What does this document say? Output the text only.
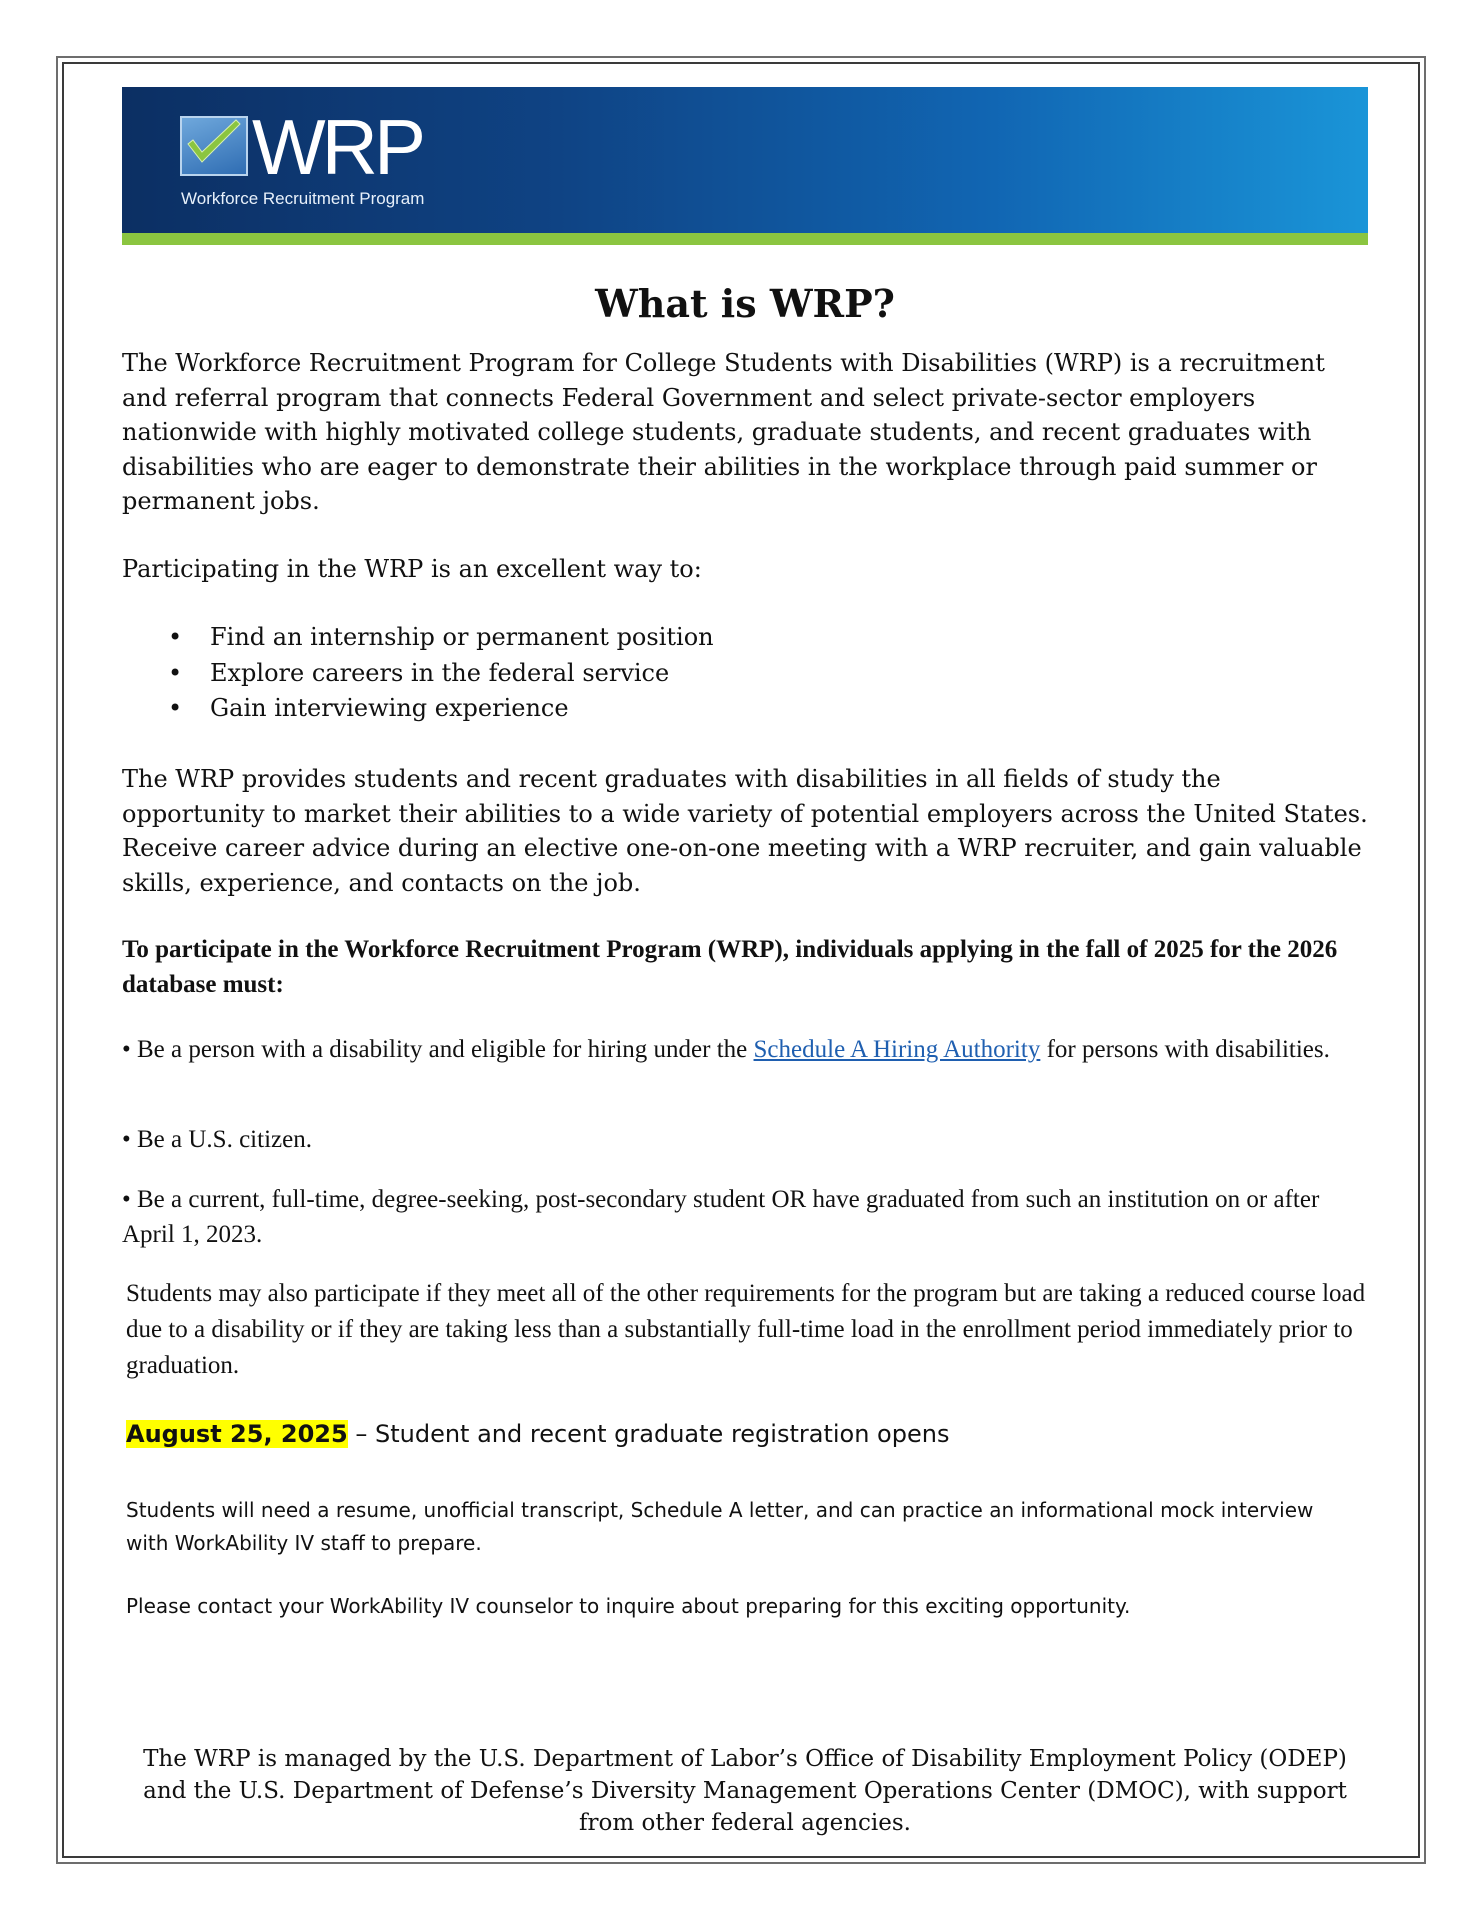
WRP
Workforce Recruitment Program
What is WRP?

The Workforce Recruitment Program for College Students with Disabilities (WRP) is a recruitment and referral program that connects Federal Government and select private-sector employers nationwide with highly motivated college students, graduate students, and recent graduates with disabilities who are eager to demonstrate their abilities in the workplace through paid summer or permanent jobs.

Participating in the WRP is an excellent way to:

• Find an internship or permanent position
• Explore careers in the federal service
• Gain interviewing experience

The WRP provides students and recent graduates with disabilities in all fields of study the opportunity to market their abilities to a wide variety of potential employers across the United States. Receive career advice during an elective one-on-one meeting with a WRP recruiter, and gain valuable skills, experience, and contacts on the job.

To participate in the Workforce Recruitment Program (WRP), individuals applying in the fall of 2025 for the 2026 database must:

• Be a person with a disability and eligible for hiring under the Schedule A Hiring Authority for persons with disabilities.

• Be a U.S. citizen.

• Be a current, full-time, degree-seeking, post-secondary student OR have graduated from such an institution on or after April 1, 2023.

Students may also participate if they meet all of the other requirements for the program but are taking a reduced course load due to a disability or if they are taking less than a substantially full-time load in the enrollment period immediately prior to graduation.

August 25, 2025 – Student and recent graduate registration opens

Students will need a resume, unofficial transcript, Schedule A letter, and can practice an informational mock interview with WorkAbility IV staff to prepare.

Please contact your WorkAbility IV counselor to inquire about preparing for this exciting opportunity.

The WRP is managed by the U.S. Department of Labor’s Office of Disability Employment Policy (ODEP) and the U.S. Department of Defense’s Diversity Management Operations Center (DMOC), with support from other federal agencies.
